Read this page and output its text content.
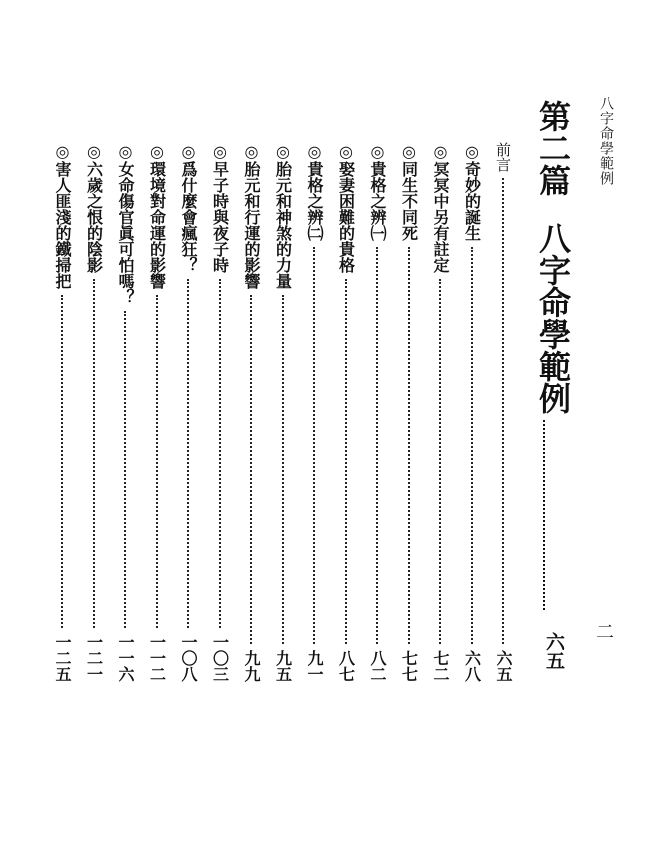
八字命學範例
二
第二篇八字命學範例
六五
前言
六五
◎奇妙的誕生
六八
◎冥冥中另有註定
七二
◎同生不同死
七七
◎貴格之辨㈠
八二
◎娶妻困難的貴格
八七
◎貴格之辨㈡
九一
◎胎元和神煞的力量
九五
◎胎元和行運的影響
九九
◎早子時與夜子時
一〇三
◎爲什麼會瘋狂？
一〇八
◎環境對命運的影響
一一二
◎女命傷官眞可怕嗎？
一一六
◎六歲之恨的陰影
一二一
◎害人匪淺的鐵掃把
一二五
